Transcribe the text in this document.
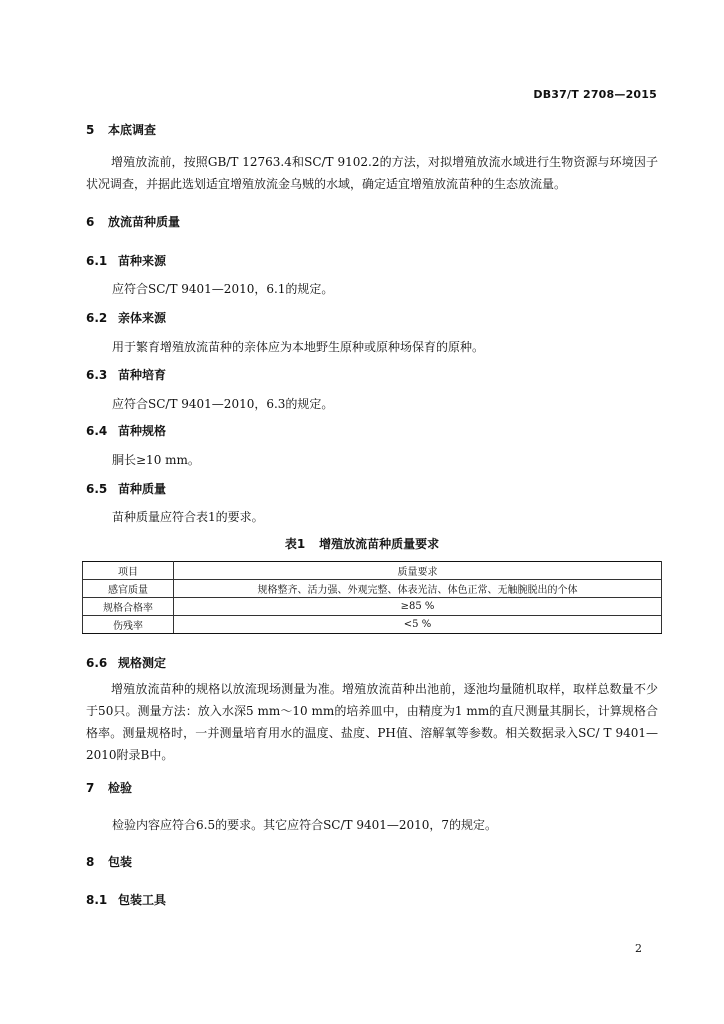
DB37/T 2708—2015
5 本底调查

增殖放流前，按照GB/T 12763.4和SC/T 9102.2的方法，对拟增殖放流水域进行生物资源与环境因子状况调查，并据此选划适宜增殖放流金乌贼的水域，确定适宜增殖放流苗种的生态放流量。

6 放流苗种质量
6.1 苗种来源
应符合SC/T 9401—2010，6.1的规定。
6.2 亲体来源
用于繁育增殖放流苗种的亲体应为本地野生原种或原种场保育的原种。
6.3 苗种培育
应符合SC/T 9401—2010，6.3的规定。
6.4 苗种规格
胴长≥10 mm。
6.5 苗种质量
苗种质量应符合表1的要求。
表1 增殖放流苗种质量要求
项目	质量要求
感官质量	规格整齐、活力强、外观完整、体表光洁、体色正常、无触腕脱出的个体
规格合格率	≥85 %
伤残率	<5 %
6.6 规格测定

增殖放流苗种的规格以放流现场测量为准。增殖放流苗种出池前，逐池均量随机取样，取样总数量不少于50只。测量方法：放入水深5 mm～10 mm的培养皿中，由精度为1 mm的直尺测量其胴长，计算规格合格率。测量规格时，一并测量培育用水的温度、盐度、PH值、溶解氧等参数。相关数据录入SC/ T 9401—2010附录B中。

7 检验
检验内容应符合6.5的要求。其它应符合SC/T 9401—2010，7的规定。
8 包装
8.1 包装工具
2
